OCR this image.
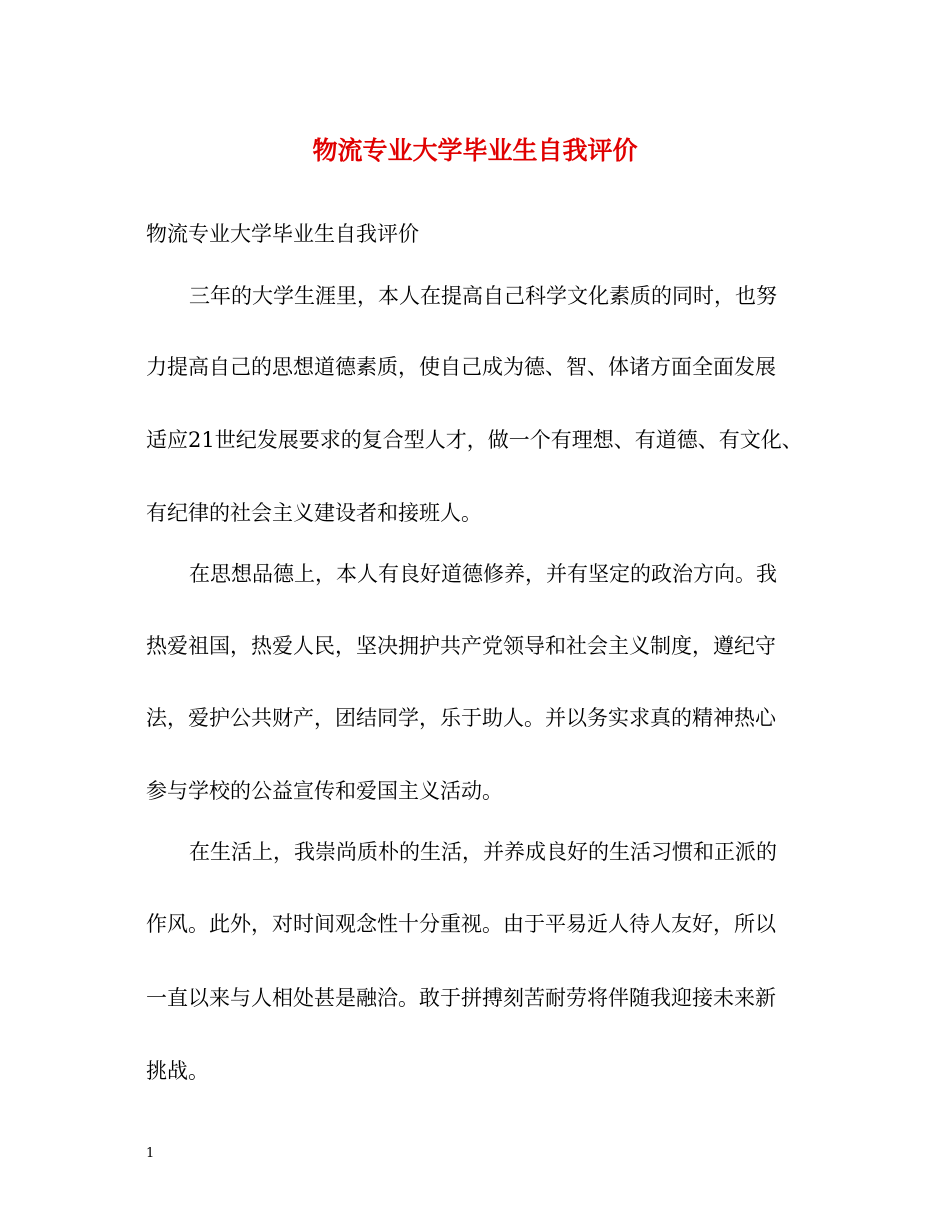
物流专业大学毕业生自我评价
物流专业大学毕业生自我评价
三年的大学生涯里，本人在提高自己科学文化素质的同时，也努
力提高自己的思想道德素质，使自己成为德、智、体诸方面全面发展
适应21世纪发展要求的复合型人才，做一个有理想、有道德、有文化、
有纪律的社会主义建设者和接班人。
在思想品德上，本人有良好道德修养，并有坚定的政治方向。我
热爱祖国，热爱人民，坚决拥护共产党领导和社会主义制度，遵纪守
法，爱护公共财产，团结同学，乐于助人。并以务实求真的精神热心
参与学校的公益宣传和爱国主义活动。
在生活上，我崇尚质朴的生活，并养成良好的生活习惯和正派的
作风。此外，对时间观念性十分重视。由于平易近人待人友好，所以
一直以来与人相处甚是融洽。敢于拼搏刻苦耐劳将伴随我迎接未来新
挑战。
1
